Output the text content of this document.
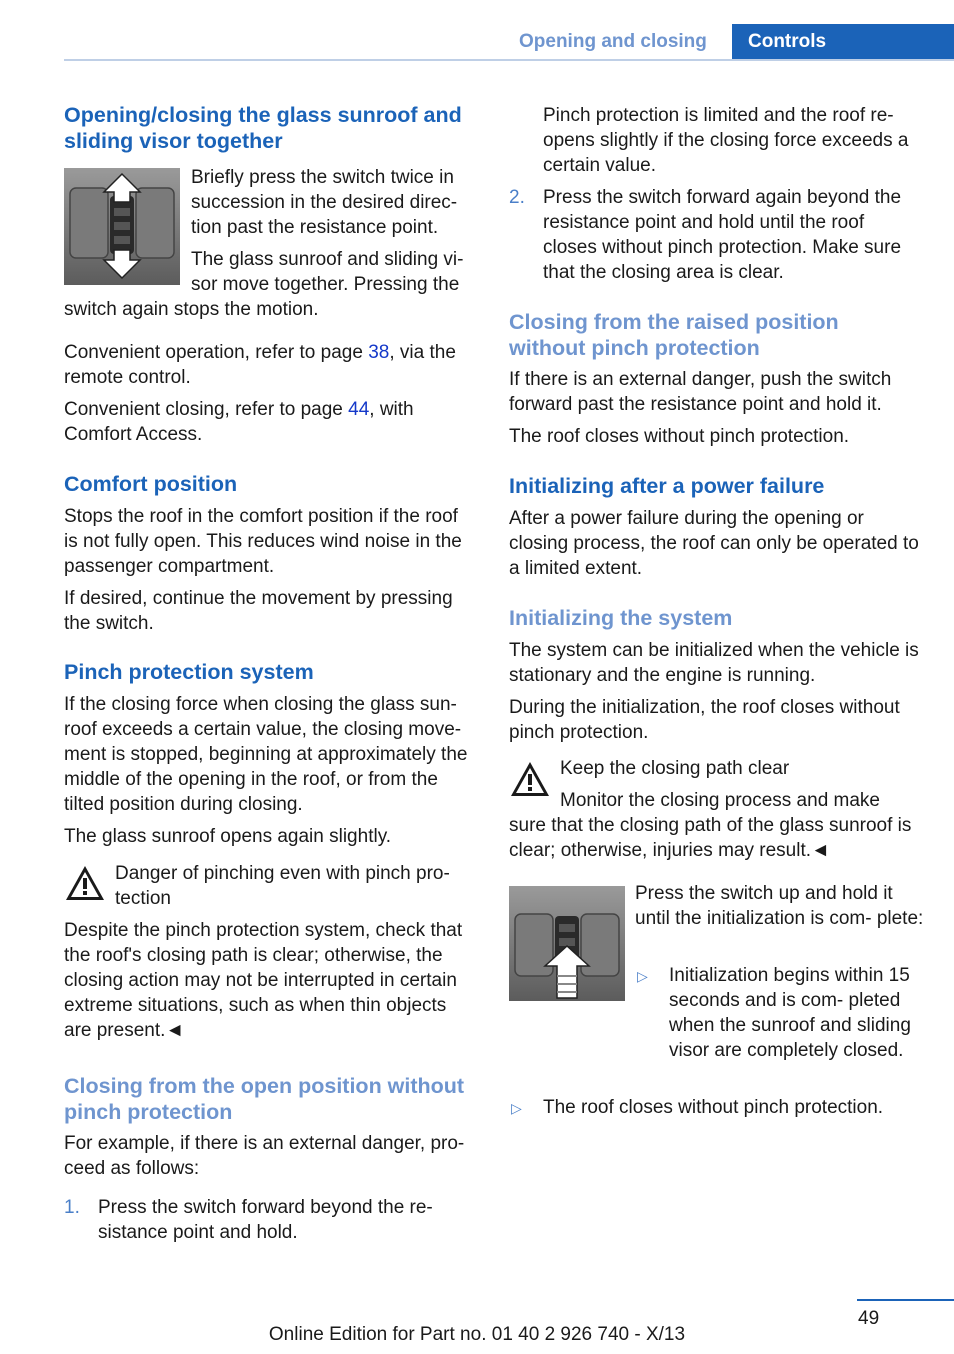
Opening and closing Controls
Opening/closing the glass sunroof and sliding visor together

Briefly press the switch twice in succession in the desired direc- tion past the resistance point.

The glass sunroof and sliding vi- sor move together. Pressing the

switch again stops the motion.

Convenient operation, refer to page 38, via the remote control.

Convenient closing, refer to page 44, with Comfort Access.

Comfort position

Stops the roof in the comfort position if the roof is not fully open. This reduces wind noise in the passenger compartment.

If desired, continue the movement by pressing the switch.

Pinch protection system

If the closing force when closing the glass sun- roof exceeds a certain value, the closing move- ment is stopped, beginning at approximately the middle of the opening in the roof, or from the tilted position during closing.

The glass sunroof opens again slightly.

Danger of pinching even with pinch pro- tection

Despite the pinch protection system, check that the roof's closing path is clear; otherwise, the closing action may not be interrupted in certain extreme situations, such as when thin objects are present.◄

Closing from the open position without pinch protection

For example, if there is an external danger, pro- ceed as follows:

1. Press the switch forward beyond the re- sistance point and hold.

Pinch protection is limited and the roof re- opens slightly if the closing force exceeds a certain value.

2. Press the switch forward again beyond the resistance point and hold until the roof closes without pinch protection. Make sure that the closing area is clear.

Closing from the raised position without pinch protection

If there is an external danger, push the switch forward past the resistance point and hold it.

The roof closes without pinch protection.

Initializing after a power failure

After a power failure during the opening or closing process, the roof can only be operated to a limited extent.

Initializing the system

The system can be initialized when the vehicle is stationary and the engine is running.

During the initialization, the roof closes without pinch protection.

Keep the closing path clear

Monitor the closing process and make

sure that the closing path of the glass sunroof is clear; otherwise, injuries may result.◄

Press the switch up and hold it until the initialization is com- plete:

▷ Initialization begins within 15 seconds and is com- pleted when the sunroof and sliding visor are completely closed.

▷ The roof closes without pinch protection.

49
Online Edition for Part no. 01 40 2 926 740 - X/13
